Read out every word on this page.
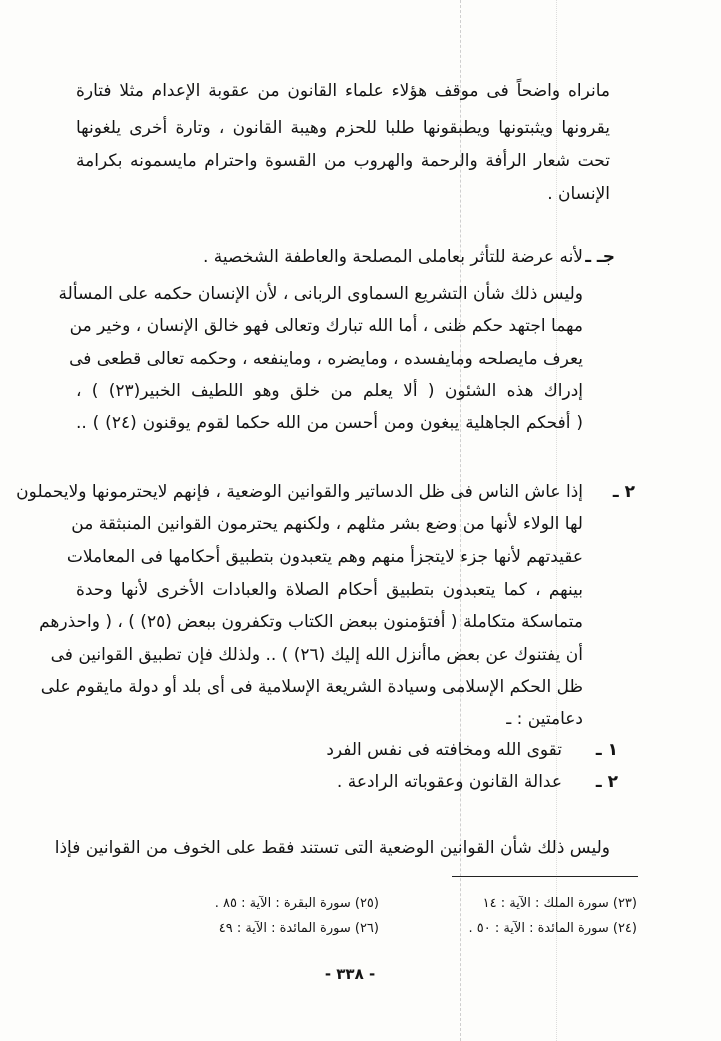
مانراه واضحاً فى موقف هؤلاء علماء القانون من عقوبة الإعدام مثلا فتارة
يقرونها ويثبتونها ويطبقونها طلبا للحزم وهيبة القانون ، وتارة أخرى يلغونها
تحت شعار الرأفة والرحمة والهروب من القسوة واحترام مايسمونه بكرامة
الإنسان .
جـ ـ
لأنه عرضة للتأثر بعاملى المصلحة والعاطفة الشخصية .
وليس ذلك شأن التشريع السماوى الربانى ، لأن الإنسان حكمه على المسألة
مهما اجتهد حكم ظنى ، أما الله تبارك وتعالى فهو خالق الإنسان ، وخير من
يعرف مايصلحه ومايفسده ، ومايضره ، وماينفعه ، وحكمه تعالى قطعى فى
إدراك هذه الشئون ( ألا يعلم من خلق وهو اللطيف الخبير(٢٣) ) ،
( أفحكم الجاهلية يبغون ومن أحسن من الله حكما لقوم يوقنون (٢٤) ) ..
٢ ـ
إذا عاش الناس فى ظل الدساتير والقوانين الوضعية ، فإنهم لايحترمونها ولايحملون
لها الولاء لأنها من وضع بشر مثلهم ، ولكنهم يحترمون القوانين المنبثقة من
عقيدتهم لأنها جزء لايتجزأ منهم وهم يتعبدون بتطبيق أحكامها فى المعاملات
بينهم ، كما يتعبدون بتطبيق أحكام الصلاة والعبادات الأخرى لأنها وحدة
متماسكة متكاملة ( أفتؤمنون ببعض الكتاب وتكفرون ببعض (٢٥) ) ، ( واحذرهم
أن يفتنوك عن بعض ماأنزل الله إليك (٢٦) ) .. ولذلك فإن تطبيق القوانين فى
ظل الحكم الإسلامى وسيادة الشريعة الإسلامية فى أى بلد أو دولة مايقوم على
دعامتين : ـ
١ ـ
تقوى الله ومخافته فى نفس الفرد
٢ ـ
عدالة القانون وعقوباته الرادعة .
وليس ذلك شأن القوانين الوضعية التى تستند فقط على الخوف من القوانين فإذا
(٢٣) سورة الملك : الآية : ١٤
(٢٤) سورة المائدة : الآية : ٥٠ .
(٢٥) سورة البقرة : الآية : ٨٥ .
(٢٦) سورة المائدة : الآية : ٤٩
- ٣٣٨ -
